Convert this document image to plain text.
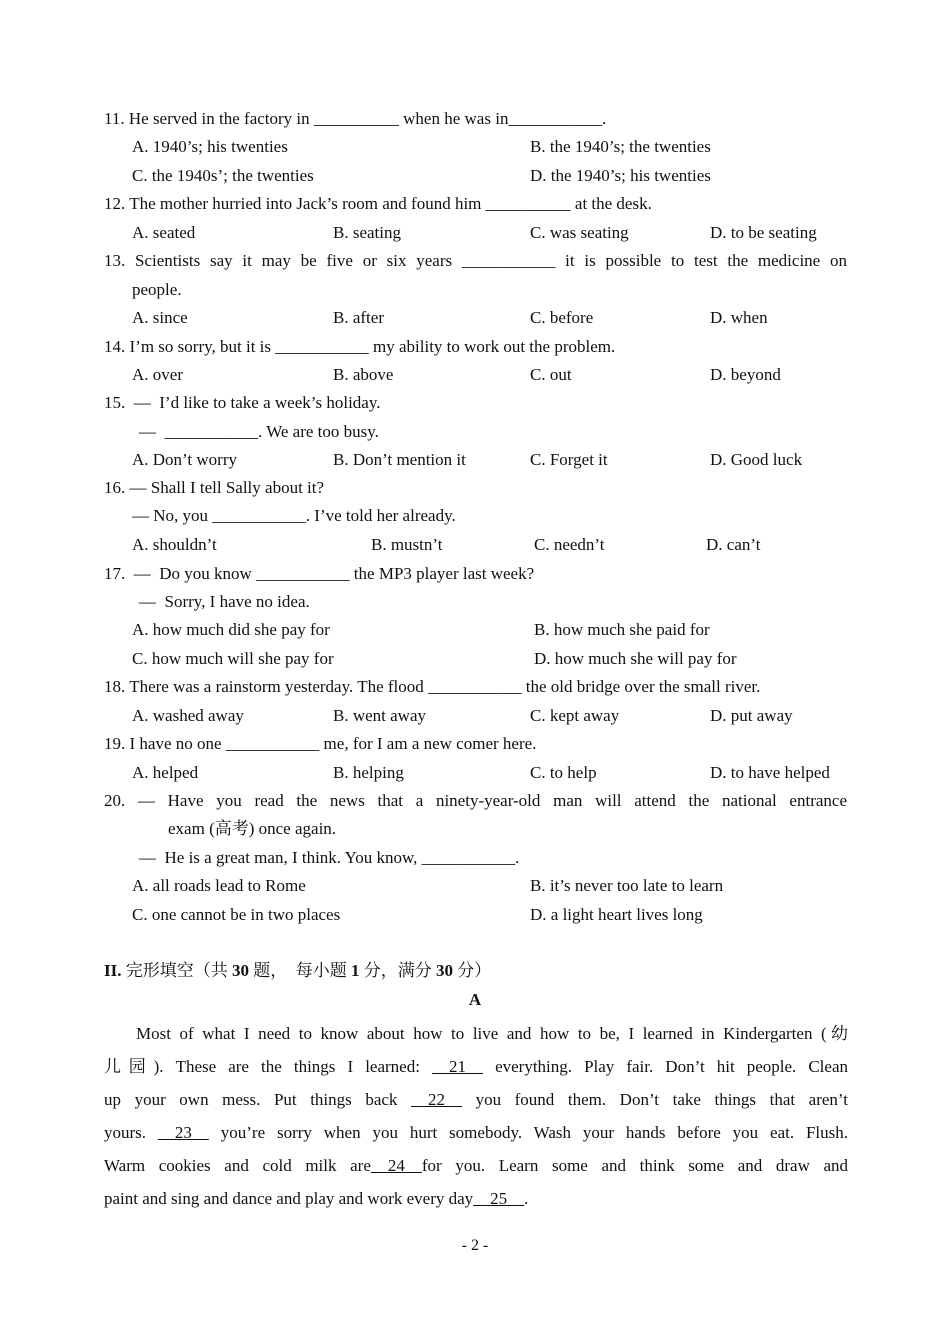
11. He served in the factory in __________ when he was in___________.
A. 1940’s; his twenties	B. the 1940’s; the twenties
C. the 1940s’; the twenties	D. the 1940’s; his twenties
12. The mother hurried into Jack’s room and found him __________ at the desk.
A. seated	B. seating	C. was seating	D. to be seating
13. Scientists say it may be five or six years ___________ it is possible to test the medicine on
people.
A. since	B. after	C. before	D. when
14. I’m so sorry, but it is ___________ my ability to work out the problem.
A. over	B. above	C. out	D. beyond
15.  —  I’d like to take a week’s holiday.
—  ___________. We are too busy.
A. Don’t worry	B. Don’t mention it	C. Forget it	D. Good luck
16. — Shall I tell Sally about it?
— No, you ___________. I’ve told her already.
A. shouldn’t	B. mustn’t	C. needn’t	D. can’t
17.  —  Do you know ___________ the MP3 player last week?
—  Sorry, I have no idea.
A. how much did she pay for	B. how much she paid for
C. how much will she pay for	D. how much she will pay for
18. There was a rainstorm yesterday. The flood ___________ the old bridge over the small river.
A. washed away	B. went away	C. kept away	D. put away
19. I have no one ___________ me, for I am a new comer here.
A. helped	B. helping	C. to help	D. to have helped
20. — Have you read the news that a ninety-year-old man will attend the national entrance
exam (高考) once again.
—  He is a great man, I think. You know, ___________.
A. all roads lead to Rome	B. it’s never too late to learn
C. one cannot be in two places	D. a light heart lives long
II. 完形填空（共 30 题，　每小题 1 分，满分 30 分）
A
Most of what I need to know about how to live and how to be, I learned in Kindergarten (幼
儿园). These are the things I learned:     21 everything. Play fair. Don’t hit people. Clean
up your own mess. Put things back     22 you found them. Don’t take things that aren’t
yours.     23 you’re sorry when you hurt somebody. Wash your hands before you eat. Flush.
Warm cookies and cold milk are 24 for you. Learn some and think some and draw and
paint and sing and dance and play and work every day 25 .
- 2 -
